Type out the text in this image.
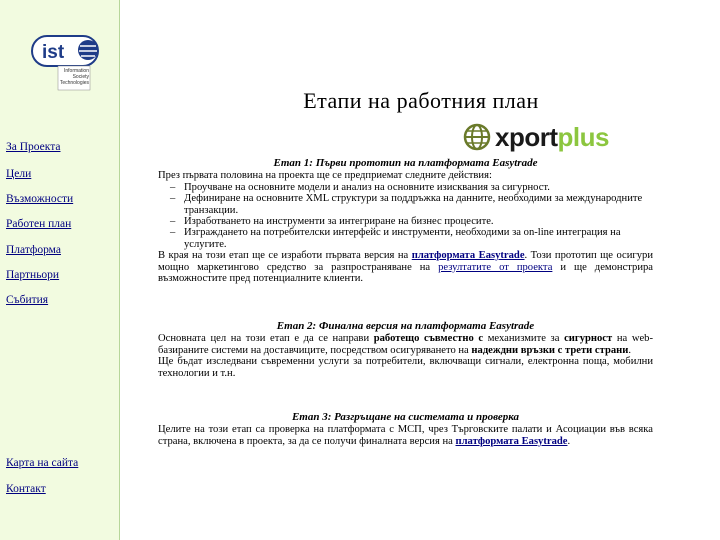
ist
Information
Society
Technologies
За Проекта
Цели
Възможности
Работен план
Платформа
Партньори
Събития
Карта на сайта
Контакт
Етапи на работния план
xportplus
Етап 1: Първи прототип на платформата Easytrade
През първата половина на проекта ще се предприемат следните действия:
– Проучване на основните модели и анализ на основните изисквания за сигурност.
– Дефиниране на основните XML структури за поддръжка на данните, необходими за международните транзакции.
– Изработването на инструменти за интегриране на бизнес процесите.
– Изграждането на потребителски интерфейс и инструменти, необходими за on-line интеграция на услугите.
В края на този етап ще се изработи първата версия на платформата Easytrade. Този прототип ще осигури мощно маркетингово средство за разпространяване на резултатите от проекта и ще демонстрира възможностите пред потенциалните клиенти.
Етап 2: Финална версия на платформата Easytrade
Основната цел на този етап е да се направи работещо съвместно с механизмите за сигурност на web-базираните системи на доставчиците, посредством осигуряването на надеждни връзки с трети страни.
Ще бъдат изследвани съвременни услуги за потребители, включващи сигнали, електронна поща, мобилни технологии и т.н.
Етап 3: Разгръщане на системата и проверка
Целите на този етап са проверка на платформата с МСП, чрез Търговските палати и Асоциации във всяка страна, включена в проекта, за да се получи финалната версия на платформата Easytrade.
